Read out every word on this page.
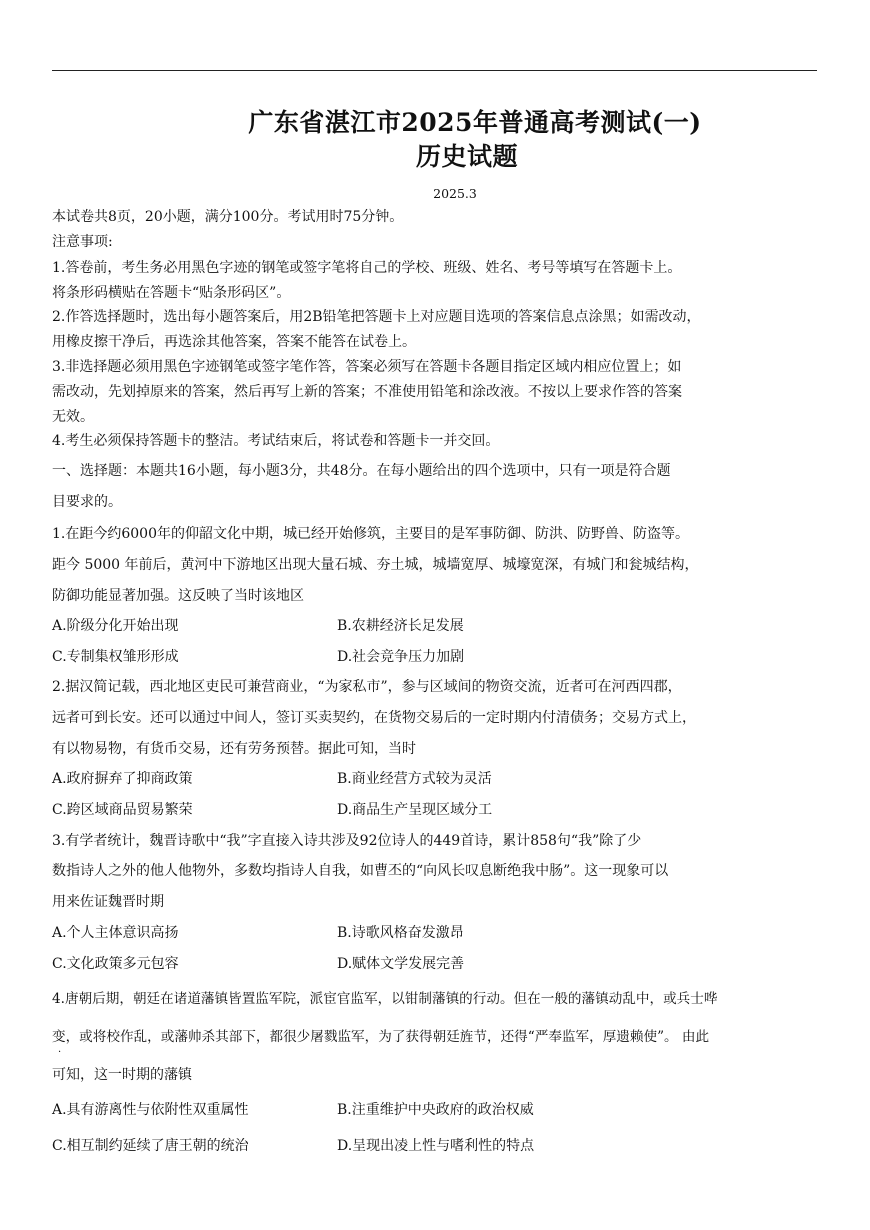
广东省湛江市2025年普通高考测试(一)
历史试题
2025.3
本试卷共8页，20小题，满分100分。考试用时75分钟。
注意事项:
1.答卷前，考生务必用黑色字迹的钢笔或签字笔将自己的学校、班级、姓名、考号等填写在答题卡上。
将条形码横贴在答题卡“贴条形码区”。
2.作答选择题时，选出每小题答案后，用2B铅笔把答题卡上对应题目选项的答案信息点涂黑；如需改动，
用橡皮擦干净后，再选涂其他答案，答案不能答在试卷上。
3.非选择题必须用黑色字迹钢笔或签字笔作答，答案必须写在答题卡各题目指定区域内相应位置上；如
需改动，先划掉原来的答案，然后再写上新的答案；不准使用铅笔和涂改液。不按以上要求作答的答案
无效。
4.考生必须保持答题卡的整洁。考试结束后，将试卷和答题卡一并交回。
一、选择题：本题共16小题，每小题3分，共48分。在每小题给出的四个选项中，只有一项是符合题
目要求的。
1.在距今约6000年的仰韶文化中期，城已经开始修筑，主要目的是军事防御、防洪、防野兽、防盗等。
距今 5000 年前后，黄河中下游地区出现大量石城、夯土城，城墙宽厚、城壕宽深，有城门和瓮城结构，
防御功能显著加强。这反映了当时该地区
A.阶级分化开始出现	B.农耕经济长足发展
C.专制集权雏形形成	D.社会竞争压力加剧
2.据汉简记载，西北地区吏民可兼营商业，“为家私市”，参与区域间的物资交流，近者可在河西四郡，
远者可到长安。还可以通过中间人，签订买卖契约，在货物交易后的一定时期内付清债务；交易方式上，
有以物易物，有货币交易，还有劳务预替。据此可知，当时
A.政府摒弃了抑商政策	B.商业经营方式较为灵活
C.跨区域商品贸易繁荣	D.商品生产呈现区域分工
3.有学者统计，魏晋诗歌中“我”字直接入诗共涉及92位诗人的449首诗，累计858句“我”除了少
数指诗人之外的他人他物外，多数均指诗人自我，如曹丕的“向风长叹息断绝我中肠”。这一现象可以
用来佐证魏晋时期
A.个人主体意识高扬	B.诗歌风格奋发激昂
C.文化政策多元包容	D.赋体文学发展完善
4.唐朝后期，朝廷在诸道藩镇皆置监军院，派宦官监军，以钳制藩镇的行动。但在一般的藩镇动乱中，或兵士哗
变，或将校作乱，或藩帅杀其部下，都很少屠戮监军，为了获得朝廷旌节，还得“严奉监军，厚遗赖使”。 由此
·
可知，这一时期的藩镇
A.具有游离性与依附性双重属性	B.注重维护中央政府的政治权威
C.相互制约延续了唐王朝的统治	D.呈现出凌上性与嗜利性的特点
